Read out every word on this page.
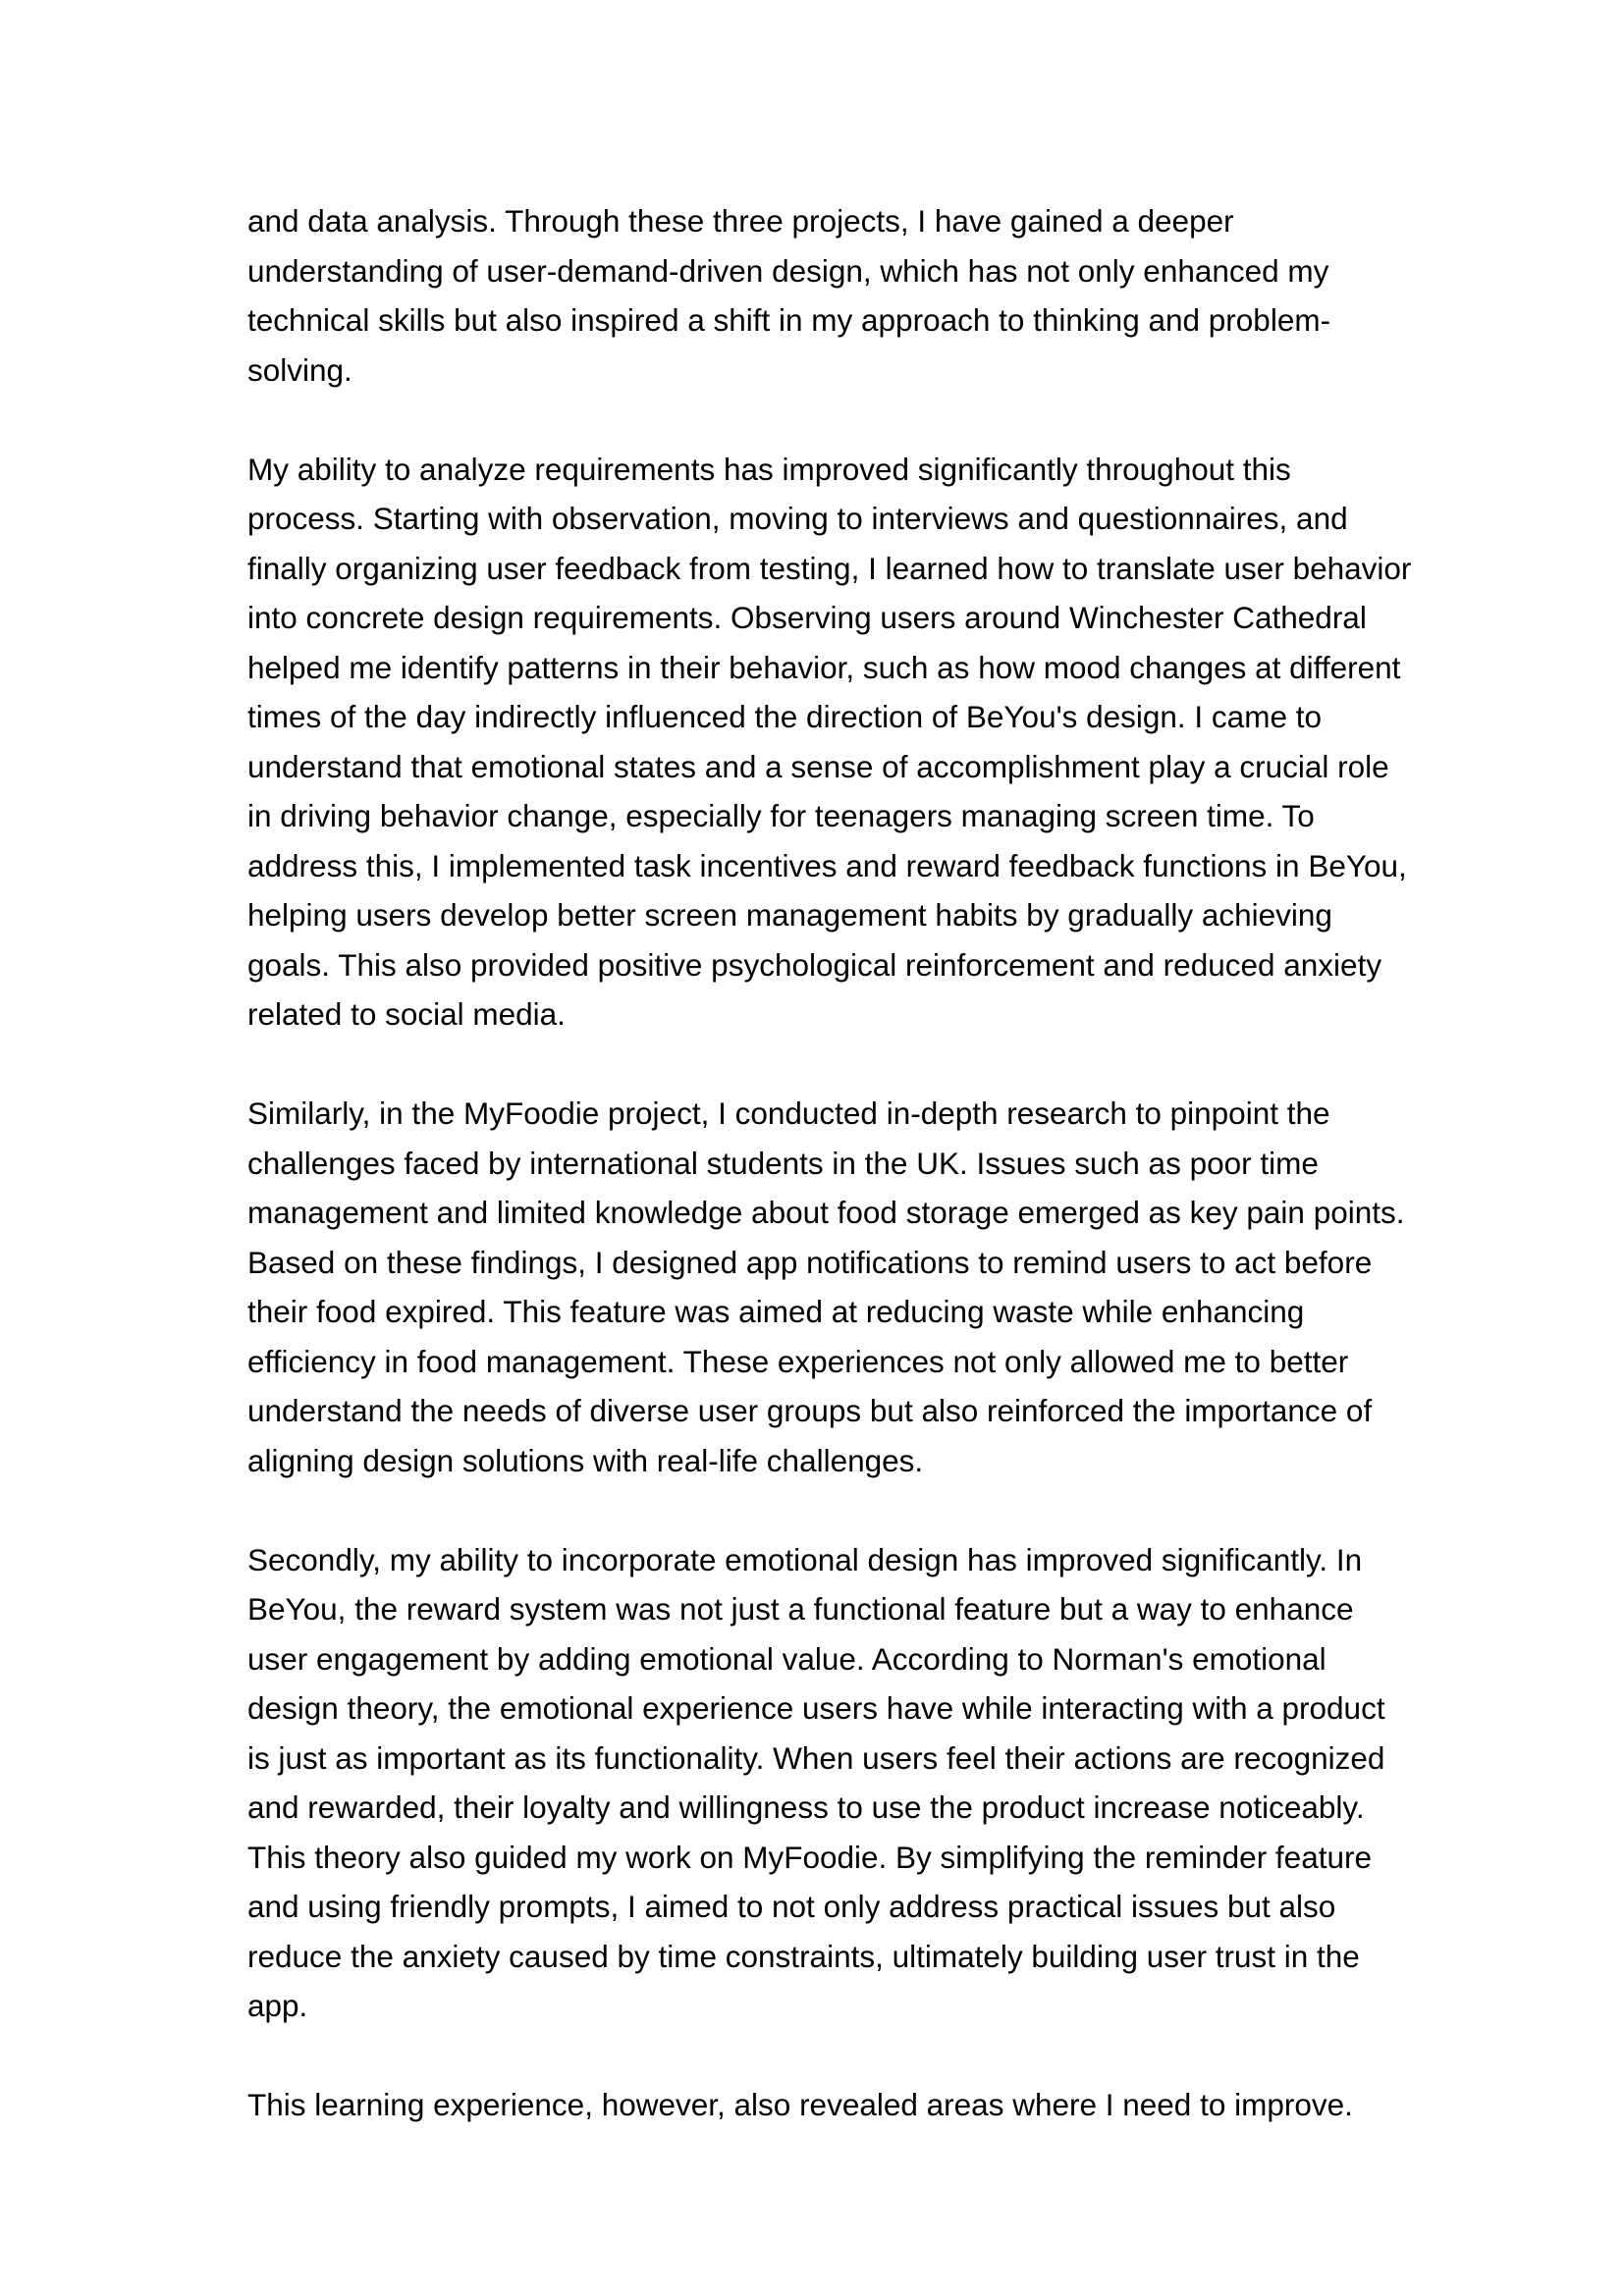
and data analysis. Through these three projects, I have gained a deeper
understanding of user-demand-driven design, which has not only enhanced my
technical skills but also inspired a shift in my approach to thinking and problem-
solving.

My ability to analyze requirements has improved significantly throughout this
process. Starting with observation, moving to interviews and questionnaires, and
finally organizing user feedback from testing, I learned how to translate user behavior
into concrete design requirements. Observing users around Winchester Cathedral
helped me identify patterns in their behavior, such as how mood changes at different
times of the day indirectly influenced the direction of BeYou's design. I came to
understand that emotional states and a sense of accomplishment play a crucial role
in driving behavior change, especially for teenagers managing screen time. To
address this, I implemented task incentives and reward feedback functions in BeYou,
helping users develop better screen management habits by gradually achieving
goals. This also provided positive psychological reinforcement and reduced anxiety
related to social media.

Similarly, in the MyFoodie project, I conducted in-depth research to pinpoint the
challenges faced by international students in the UK. Issues such as poor time
management and limited knowledge about food storage emerged as key pain points.
Based on these findings, I designed app notifications to remind users to act before
their food expired. This feature was aimed at reducing waste while enhancing
efficiency in food management. These experiences not only allowed me to better
understand the needs of diverse user groups but also reinforced the importance of
aligning design solutions with real-life challenges.

Secondly, my ability to incorporate emotional design has improved significantly. In
BeYou, the reward system was not just a functional feature but a way to enhance
user engagement by adding emotional value. According to Norman's emotional
design theory, the emotional experience users have while interacting with a product
is just as important as its functionality. When users feel their actions are recognized
and rewarded, their loyalty and willingness to use the product increase noticeably.
This theory also guided my work on MyFoodie. By simplifying the reminder feature
and using friendly prompts, I aimed to not only address practical issues but also
reduce the anxiety caused by time constraints, ultimately building user trust in the
app.

This learning experience, however, also revealed areas where I need to improve.
